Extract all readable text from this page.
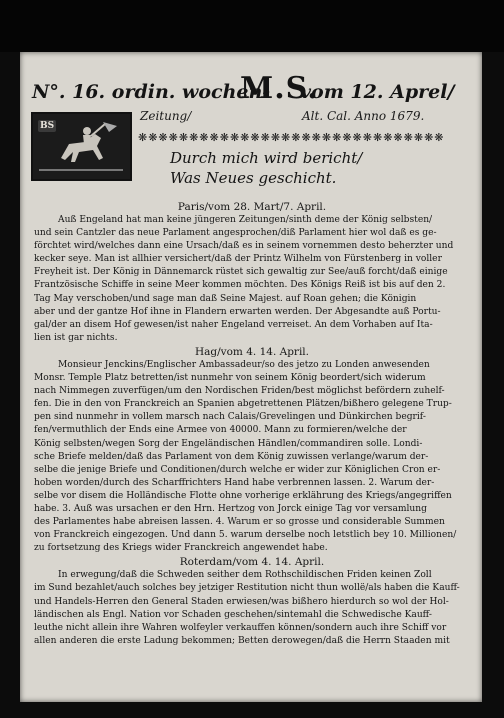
N°. 16. ordin. wochen-
M.S.
vom 12. Aprel/
Zeitung/	Alt. Cal. Anno 1679.
BS
❋❋❋❋❋❋❋❋❋❋❋❋❋❋❋❋❋❋❋❋❋❋❋❋❋❋❋❋❋❋
Durch mich wird bericht/
Was Neues geschicht.

Paris/vom 28. Mart/7. April.

Auß Engeland hat man keine jüngeren Zeitungen/sinth deme der König selbsten/

und sein Cantzler das neue Parlament angesprochen/diß Parlament hier wol daß es ge-

förchtet wird/welches dann eine Ursach/daß es in seinem vornemmen desto beherzter und

kecker seye. Man ist allhier versichert/daß der Printz Wilhelm von Fürstenberg in voller

Freyheit ist. Der König in Dännemarck rüstet sich gewaltig zur See/auß forcht/daß einige

Frantzösische Schiffe in seine Meer kommen möchten. Des Königs Reiß ist bis auf den 2.

Tag May verschoben/und sage man daß Seine Majest. auf Roan gehen; die Königin

aber und der gantze Hof ihne in Flandern erwarten werden. Der Abgesandte auß Portu-

gal/der an disem Hof gewesen/ist naher Engeland verreiset. An dem Vorhaben auf Ita-

lien ist gar nichts.

Hag/vom 4. 14. April.

Monsieur Jenckins/Englischer Ambassadeur/so des jetzo zu Londen anwesenden

Monsr. Temple Platz betretten/ist nunmehr von seinem König beordert/sich widerum

nach Nimmegen zuverfügen/um den Nordischen Friden/best möglichst befördern zuhelf-

fen. Die in den von Franckreich an Spanien abgetrettenen Plätzen/bißhero gelegene Trup-

pen sind nunmehr in vollem marsch nach Calais/Grevelingen und Dünkirchen begrif-

fen/vermuthlich der Ends eine Armee von 40000. Mann zu formieren/welche der

König selbsten/wegen Sorg der Engeländischen Händlen/commandiren solle. Londi-

sche Briefe melden/daß das Parlament von dem König zuwissen verlange/warum der-

selbe die jenige Briefe und Conditionen/durch welche er wider zur Königlichen Cron er-

hoben worden/durch des Scharffrichters Hand habe verbrennen lassen. 2. Warum der-

selbe vor disem die Holländische Flotte ohne vorherige erklährung des Kriegs/angegriffen

habe. 3. Auß was ursachen er den Hrn. Hertzog von Jorck einige Tag vor versamlung

des Parlamentes habe abreisen lassen. 4. Warum er so grosse und considerable Summen

von Franckreich eingezogen. Und dann 5. warum derselbe noch letstlich bey 10. Millionen/

zu fortsetzung des Kriegs wider Franckreich angewendet habe.

Roterdam/vom 4. 14. April.

In erwegung/daß die Schweden seither dem Rothschildischen Friden keinen Zoll

im Sund bezahlet/auch solches bey jetziger Restitution nicht thun wollë/als haben die Kauff-

und Handels-Herren den General Staden erwiesen/was bißhero hierdurch so wol der Hol-

ländischen als Engl. Nation vor Schaden geschehen/sintemahl die Schwedische Kauff-

leuthe nicht allein ihre Wahren wolfeyler verkauffen können/sondern auch ihre Schiff vor

allen anderen die erste Ladung bekommen; Betten derowegen/daß die Herrn Staaden mit
